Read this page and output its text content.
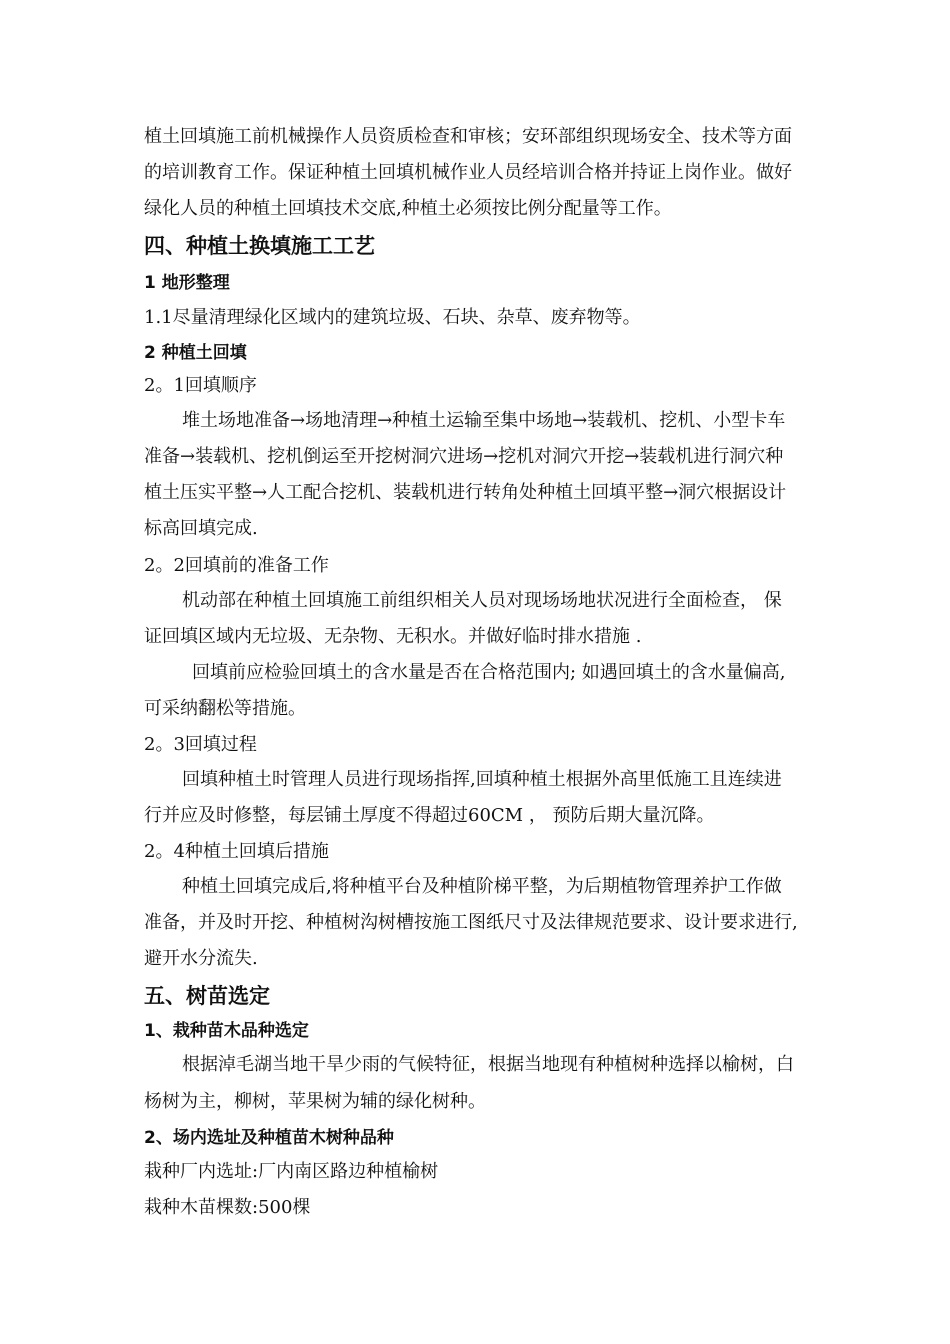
植土回填施工前机械操作人员资质检查和审核；安环部组织现场安全、技术等方面
的培训教育工作。保证种植土回填机械作业人员经培训合格并持证上岗作业。做好
绿化人员的种植土回填技术交底,种植土必须按比例分配量等工作。
四、种植土换填施工工艺
1 地形整理
1.1尽量清理绿化区域内的建筑垃圾、石块、杂草、废弃物等。
2 种植土回填
2。1回填顺序
堆土场地准备→场地清理→种植土运输至集中场地→装载机、挖机、小型卡车
准备→装载机、挖机倒运至开挖树洞穴进场→挖机对洞穴开挖→装载机进行洞穴种
植土压实平整→人工配合挖机、装载机进行转角处种植土回填平整→洞穴根据设计
标高回填完成.
2。2回填前的准备工作
机动部在种植土回填施工前组织相关人员对现场场地状况进行全面检查， 保
证回填区域内无垃圾、无杂物、无积水。并做好临时排水措施 .
回填前应检验回填土的含水量是否在合格范围内; 如遇回填土的含水量偏高,
可采纳翻松等措施。
2。3回填过程
回填种植土时管理人员进行现场指挥,回填种植土根据外高里低施工且连续进
行并应及时修整，每层铺土厚度不得超过60CM ， 预防后期大量沉降。
2。4种植土回填后措施
种植土回填完成后,将种植平台及种植阶梯平整，为后期植物管理养护工作做
准备，并及时开挖、种植树沟树槽按施工图纸尺寸及法律规范要求、设计要求进行,
避开水分流失.
五、树苗选定
1、栽种苗木品种选定
根据淖毛湖当地干旱少雨的气候特征，根据当地现有种植树种选择以榆树，白
杨树为主，柳树，苹果树为辅的绿化树种。
2、场内选址及种植苗木树种品种
栽种厂内选址:厂内南区路边种植榆树
栽种木苗棵数:500棵
